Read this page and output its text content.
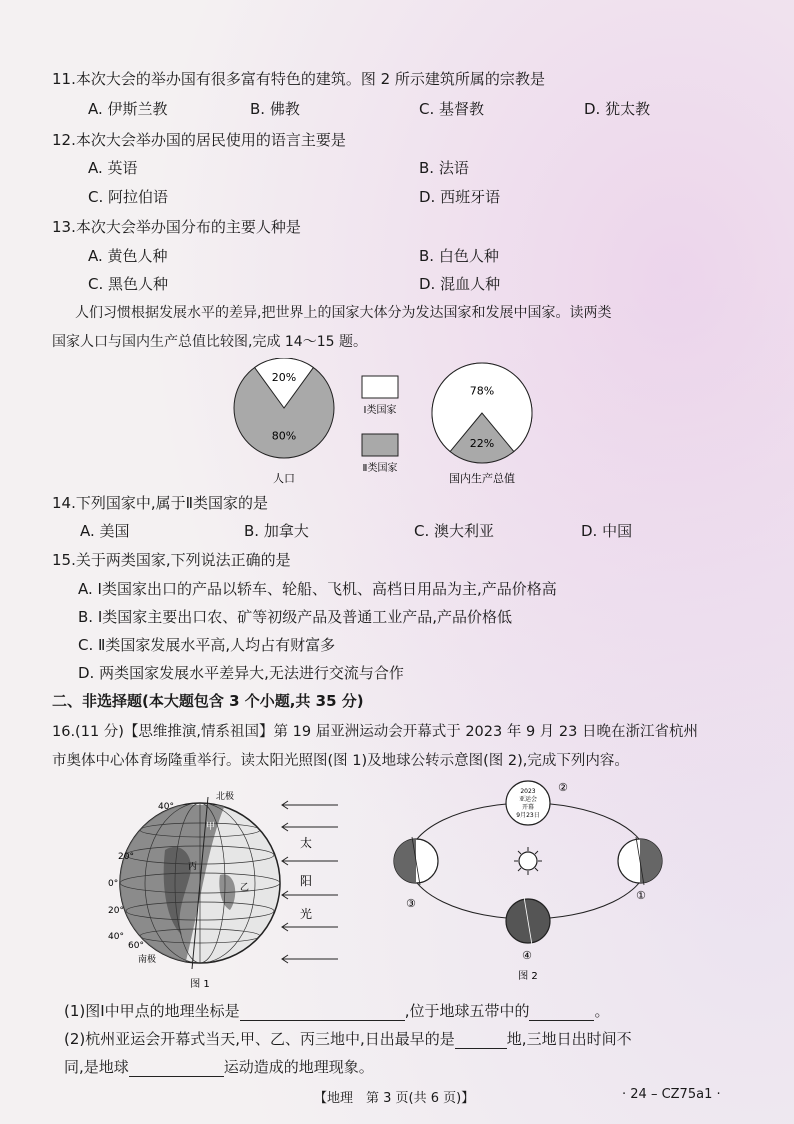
11.本次大会的举办国有很多富有特色的建筑。图 2 所示建筑所属的宗教是
A. 伊斯兰教	B. 佛教	C. 基督教	D. 犹太教
12.本次大会举办国的居民使用的语言主要是
A. 英语	B. 法语
C. 阿拉伯语	D. 西班牙语
13.本次大会举办国分布的主要人种是
A. 黄色人种	B. 白色人种
C. 黑色人种	D. 混血人种
人们习惯根据发展水平的差异,把世界上的国家大体分为发达国家和发展中国家。读两类
国家人口与国内生产总值比较图,完成 14～15 题。
20%
80%
78%
22%
Ⅰ类国家
Ⅱ类国家
人口	国内生产总值
14.下列国家中,属于Ⅱ类国家的是
A. 美国	B. 加拿大	C. 澳大利亚	D. 中国
15.关于两类国家,下列说法正确的是
A. Ⅰ类国家出口的产品以轿车、轮船、飞机、高档日用品为主,产品价格高
B. Ⅰ类国家主要出口农、矿等初级产品及普通工业产品,产品价格低
C. Ⅱ类国家发展水平高,人均占有财富多
D. 两类国家发展水平差异大,无法进行交流与合作
二、非选择题(本大题包含 3 个小题,共 35 分)
16.(11 分)【思维推演,情系祖国】第 19 届亚洲运动会开幕式于 2023 年 9 月 23 日晚在浙江省杭州
市奥体中心体育场隆重举行。读太阳光照图(图 1)及地球公转示意图(图 2),完成下列内容。
北极
南极
40°
20°
0°
20°
40°
60°
甲
丙
乙
太
阳
光
图 1
2023
亚运会
开幕
9月23日
②
①
③
④
图 2
(1)图Ⅰ中甲点的地理坐标是	,位于地球五带中的	。
(2)杭州亚运会开幕式当天,甲、乙、丙三地中,日出最早的是	地,三地日出时间不
同,是地球	运动造成的地理现象。
【地理　第 3 页(共 6 页)】	· 24 – CZ75a1 ·
